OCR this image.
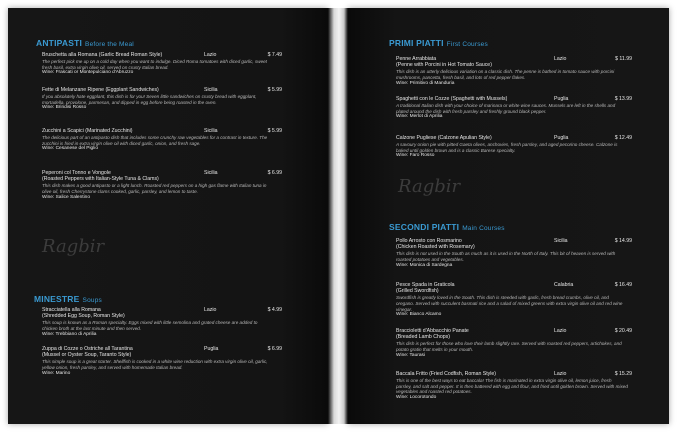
ANTIPASTI Before the Meal
Bruschetta alla Romana (Garlic Bread Roman Style)
The perfect pick me up on a cold day when you want to indulge. Diced Roma tomatoes with diced garlic, sweet fresh basil, extra virgin olive oil, served on crusty Italian bread.
Wine: Frascati or Montepulciano d'Abruzzo
Lazio	$ 7.49
Fette di Melanzane Ripene (Eggplant Sandwiches)
If you absolutely hate eggplant, this dish is for you! Seven little sandwiches on crusty bread with eggplant, mortadella, provolone, parmesan, and dipped in egg before being roasted in the oven.
Wine: Brindisi Rosso
Sicilia	$ 5.99
Zucchini a Scapici (Marinated Zucchini)
The delicious part of an antipasto dish that includes some crunchy raw vegetables for a contrast in texture. The zucchini is fried in extra virgin olive oil with diced garlic, onion, and fresh sage.
Wine: Cesanese del Piglio
Sicilia	$ 5.99
Peperoni col Tonno e Vongole
(Roasted Peppers with Italian-Style Tuna & Clams)
This dish makes a good antipasto or a light lunch. Roasted red peppers on a high gas flame with Italian tuna in olive oil, fresh Cherrystone clams cooked, garlic, parsley, and lemon to taste.
Wine: Salice Salentino
Sicilia	$ 6.99
Ragbir
MINESTRE Soups
Stracciatella alla Romana
(Shredded Egg Soup, Roman Style)
This soup is known as a Roman specialty. Eggs mixed with little semolina and grated cheese are added to chicken broth at the last minute and then served.
Wine: Trebbiano di Aprilia
Lazio	$ 4.99
Zuppa di Cozze o Ostriche all Tarantina
(Mussel or Oyster Soup, Taranto Style)
This simple soup is a great starter. Shellfish is cooked in a white wine reduction with extra virgin olive oil, garlic, yellow onion, fresh parsley, and served with homemade Italian bread.
Wine: Marino
Puglia	$ 6.99
PRIMI PIATTI First Courses
Penne Arrabbiata
(Penne with Porcini in Hot Tomato Sauce)
This dish is an utterly delicious variation on a classic dish. The penne is bathed in tomato sauce with porcini mushrooms, pancetta, fresh basil, and lots of red pepper flakes.
Wine: Primitivo di Manduria
Lazio	$ 11.99
Spaghetti con le Cozze (Spaghetti with Mussels)
A traditional Italian dish with your choice of marinara or white wine sauces. Mussels are left in the shells and plated around the dish with fresh parsley and freshly ground black pepper.
Wine: Merlot di Aprilia
Puglia	$ 13.99
Calzone Pugliese (Calzone Apulian Style)
A savoury onion pie with pitted Gaeta olives, anchovies, fresh parsley, and aged pecorino cheese. Calzone is baked until golden brown and is a classic Barese specialty.
Wine: Faro Rosso
Puglia	$ 12.49
Ragbir
SECONDI PIATTI Main Courses
Pollo Arrosto con Rosmarino
(Chicken Roasted with Rosemary)
This dish is not used in the South as much as it is used in the North of Italy. This bit of heaven is served with roasted potatoes and vegetables.
Wine: Monica di Sardegna
Sicilia	$ 14.99
Pesce Spada in Graticola
(Grilled Swordfish)
Swordfish is greatly loved in the South. This dish is steeded with garlic, fresh bread crumbs, olive oil, and oregano. Served with succulent basmati rice and a salad of mixed greens with extra virgin olive oil and red wine vinegar.
Wine: Bianco Alcamo
Calabria	$ 16.49
Braccioletti d'Abbacchio Panate
(Breaded Lamb Chops)
This dish is perfect for those who love their lamb slightly rare. Served with roasted red peppers, artichokes, and potato gratin that melts in your mouth.
Wine: Taurasi
Lazio	$ 20.49
Baccala Fritto (Fried Codfish, Roman Style)
This is one of the best ways to eat baccala! The fish is marinated in extra virgin olive oil, lemon juice, fresh parsley, and salt and pepper. It is then battered with egg and flour, and fried until golden brown. Served with mixed vegetables and roasted red potatoes.
Wine: Locorotondo
Lazio	$ 15.29
